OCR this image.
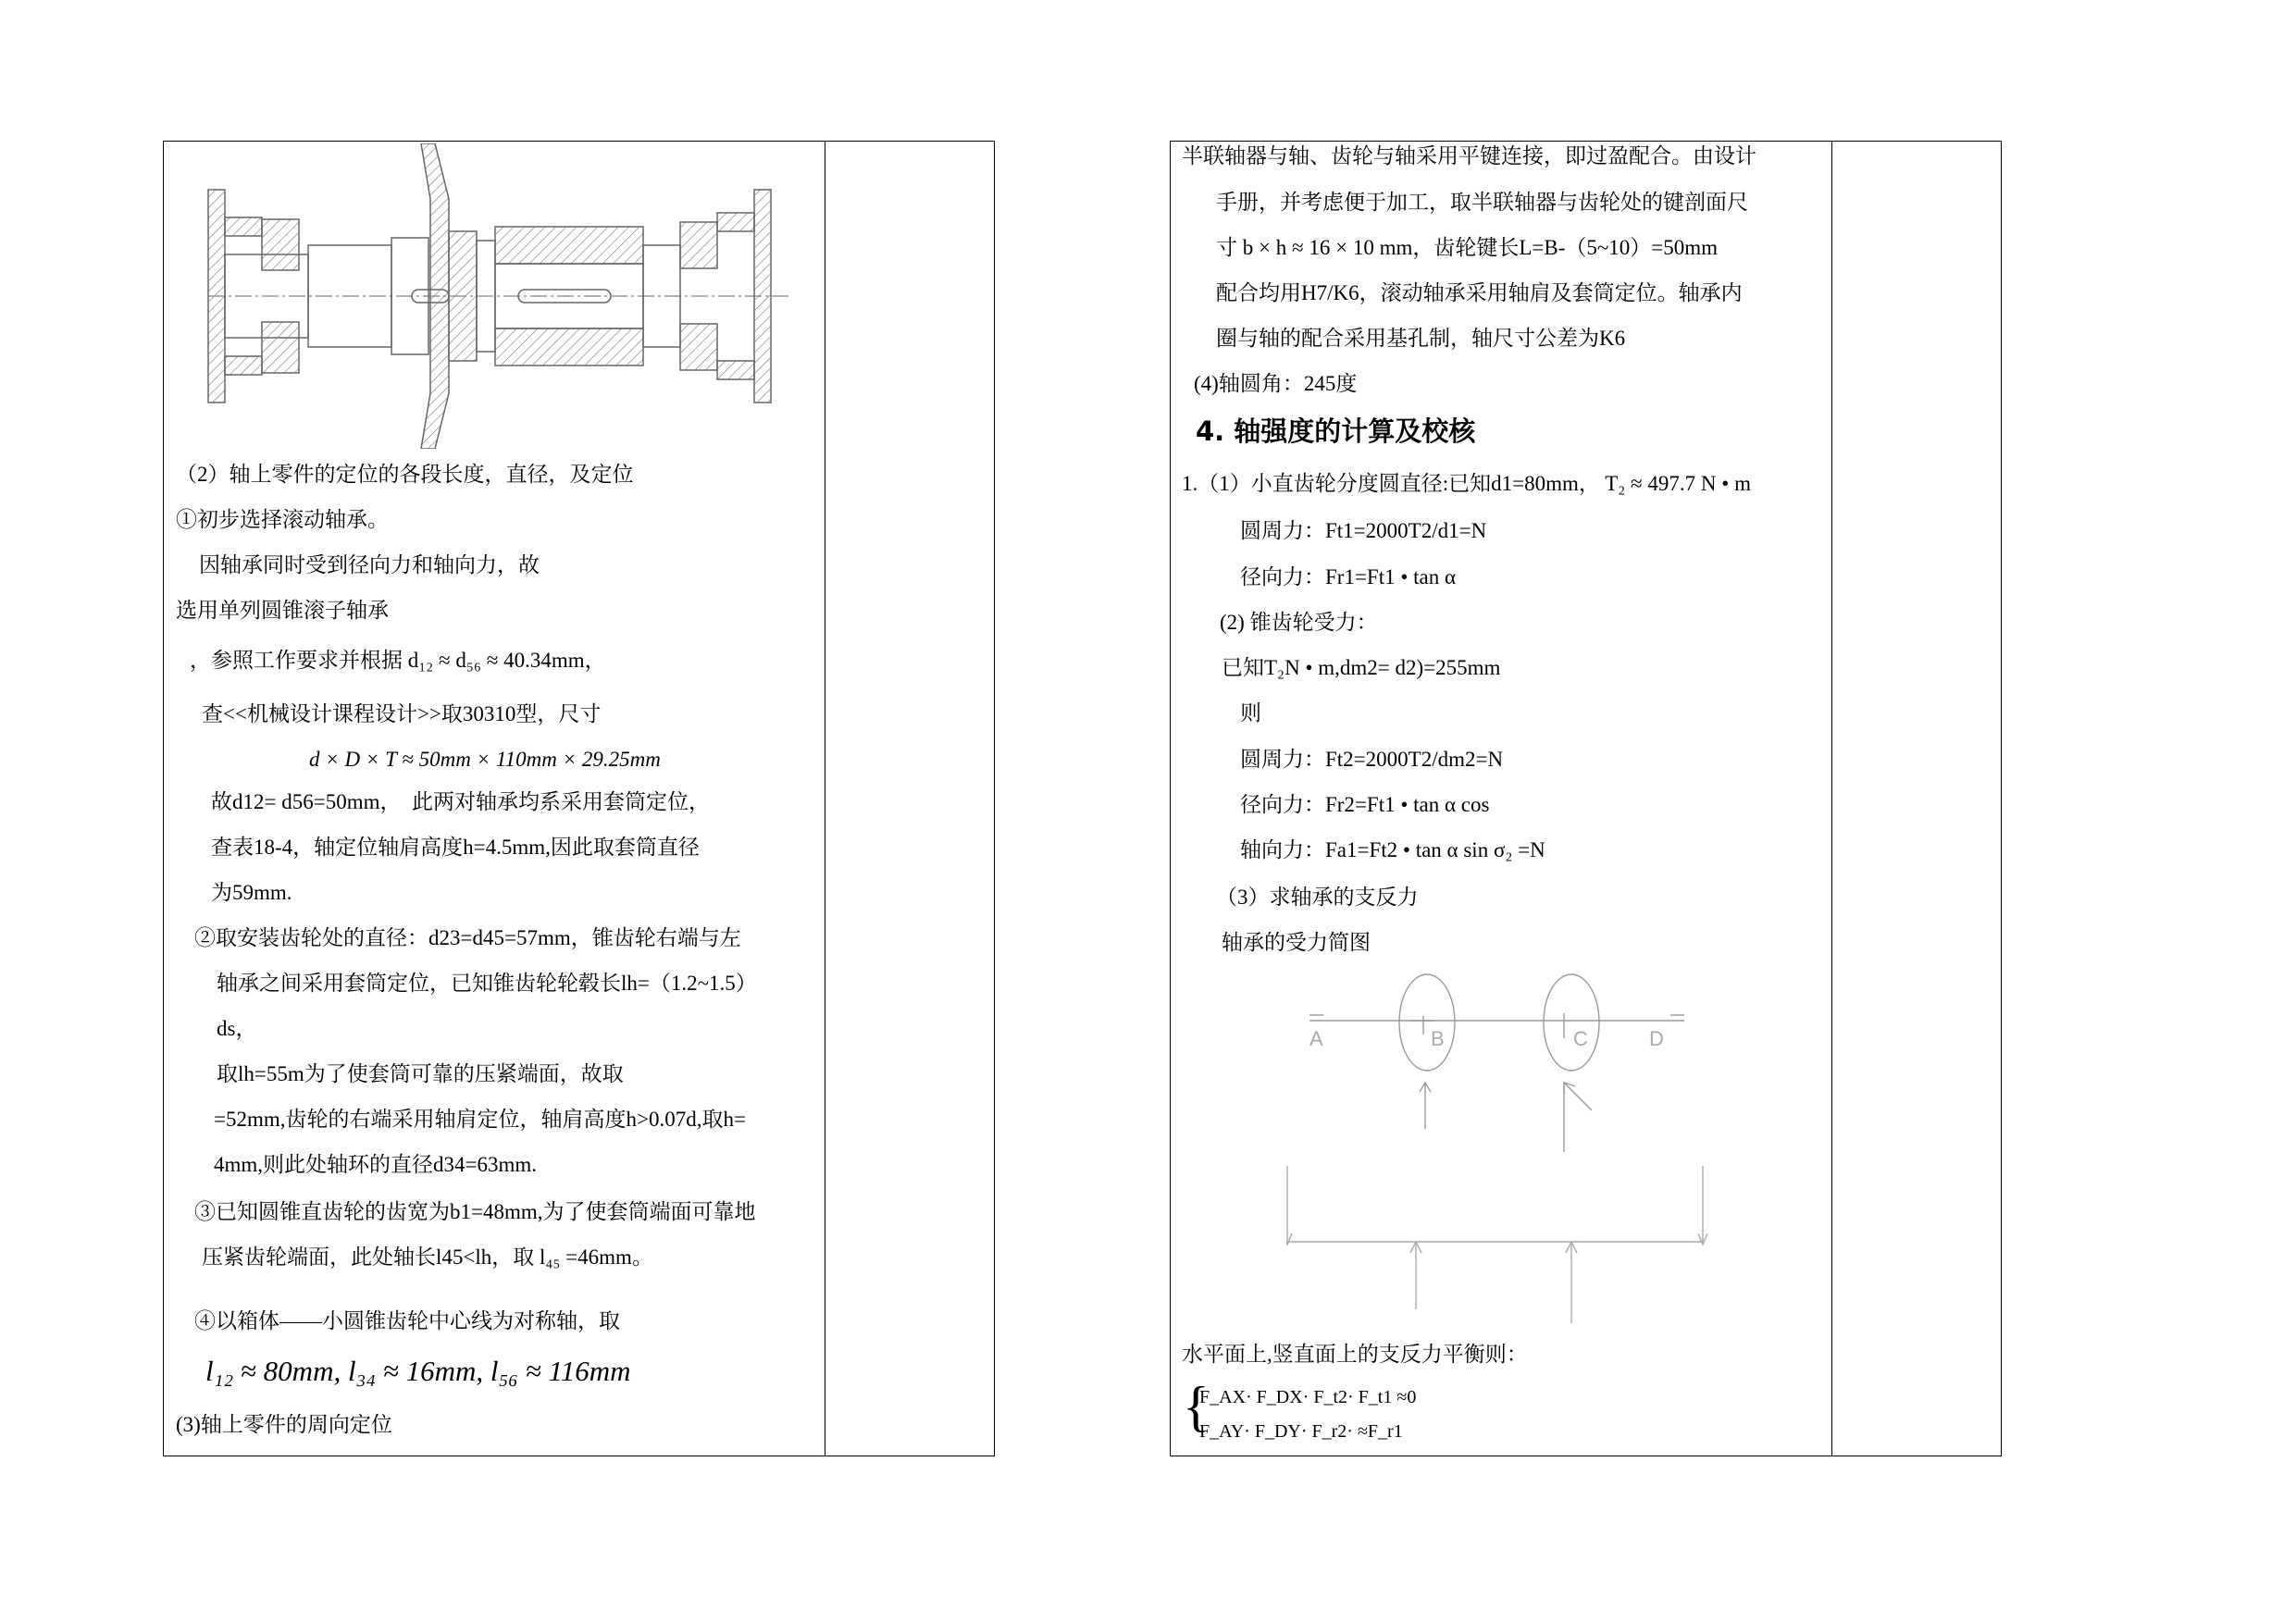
（2）轴上零件的定位的各段长度，直径，及定位
①初步选择滚动轴承。
因轴承同时受到径向力和轴向力，故
选用单列圆锥滚子轴承
，参照工作要求并根据 d₁₂ ≈ d₅₆ ≈ 40.34mm，
查<<机械设计课程设计>>取30310型，尺寸
d × D × T ≈ 50mm × 110mm × 29.25mm
故d12= d56=50mm，　此两对轴承均系采用套筒定位，
查表18-4，轴定位轴肩高度h=4.5mm,因此取套筒直径
为59mm.
②取安装齿轮处的直径：d23=d45=57mm，锥齿轮右端与左
轴承之间采用套筒定位，已知锥齿轮轮毂长lh=（1.2~1.5）
ds，
取lh=55m为了使套筒可靠的压紧端面，故取
=52mm,齿轮的右端采用轴肩定位，轴肩高度h>0.07d,取h=
4mm,则此处轴环的直径d34=63mm.
③已知圆锥直齿轮的齿宽为b1=48mm,为了使套筒端面可靠地
压紧齿轮端面，此处轴长l45<lh，取 l₄₅ =46mm。
④以箱体——小圆锥齿轮中心线为对称轴，取
l₁₂ ≈ 80mm, l₃₄ ≈ 16mm, l₅₆ ≈ 116mm
(3)轴上零件的周向定位
半联轴器与轴、齿轮与轴采用平键连接，即过盈配合。由设计
手册，并考虑便于加工，取半联轴器与齿轮处的键剖面尺
寸 b × h ≈ 16 × 10 mm，齿轮键长L=B-（5~10）=50mm
配合均用H7/K6，滚动轴承采用轴肩及套筒定位。轴承内
圈与轴的配合采用基孔制，轴尺寸公差为K6
(4)轴圆角：245度
4. 轴强度的计算及校核
1.（1）小直齿轮分度圆直径:已知d1=80mm， T₂ ≈ 497.7 N • m
圆周力：Ft1=2000T2/d1=N
径向力：Fr1=Ft1 • tan α
(2) 锥齿轮受力：
已知T₂N • m,dm2= d2)=255mm
则
圆周力：Ft2=2000T2/dm2=N
径向力：Fr2=Ft1 • tan α cos
轴向力：Fa1=Ft2 • tan α sin σ₂ =N
（3）求轴承的支反力
轴承的受力简图
A	B	C	D
水平面上,竖直面上的支反力平衡则：
{
F_AX· F_DX· F_t2· F_t1 ≈0
F_AY· F_DY· F_r2· ≈F_r1
